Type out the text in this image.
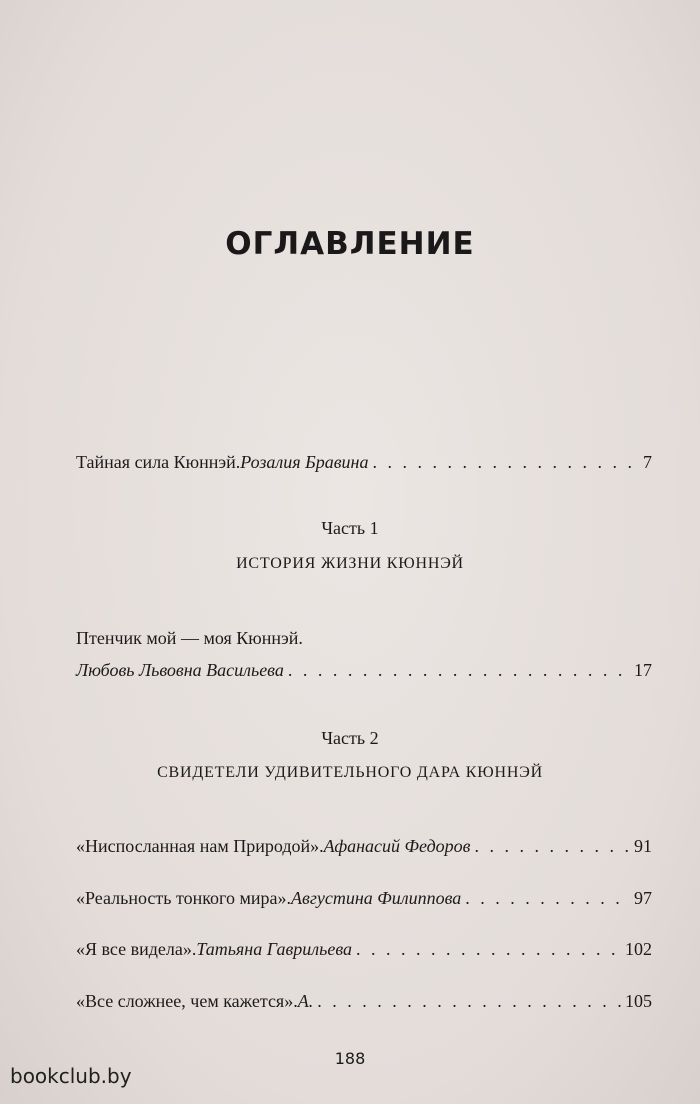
ОГЛАВЛЕНИЕ
Тайная сила Кюннэй. Розалия Бравина . . .	7
Часть 1
ИСТОРИЯ ЖИЗНИ КЮННЭЙ
Птенчик мой — моя Кюннэй.
Любовь Львовна Васильева . . .	17
Часть 2
СВИДЕТЕЛИ УДИВИТЕЛЬНОГО ДАРА КЮННЭЙ
«Ниспосланная нам Природой». Афанасий Федоров . . .	91
«Реальность тонкого мира». Августина Филиппова . . .	97
«Я все видела». Татьяна Гаврильева . . .	102
«Все сложнее, чем кажется». А. . . .	105
188
bookclub.by
